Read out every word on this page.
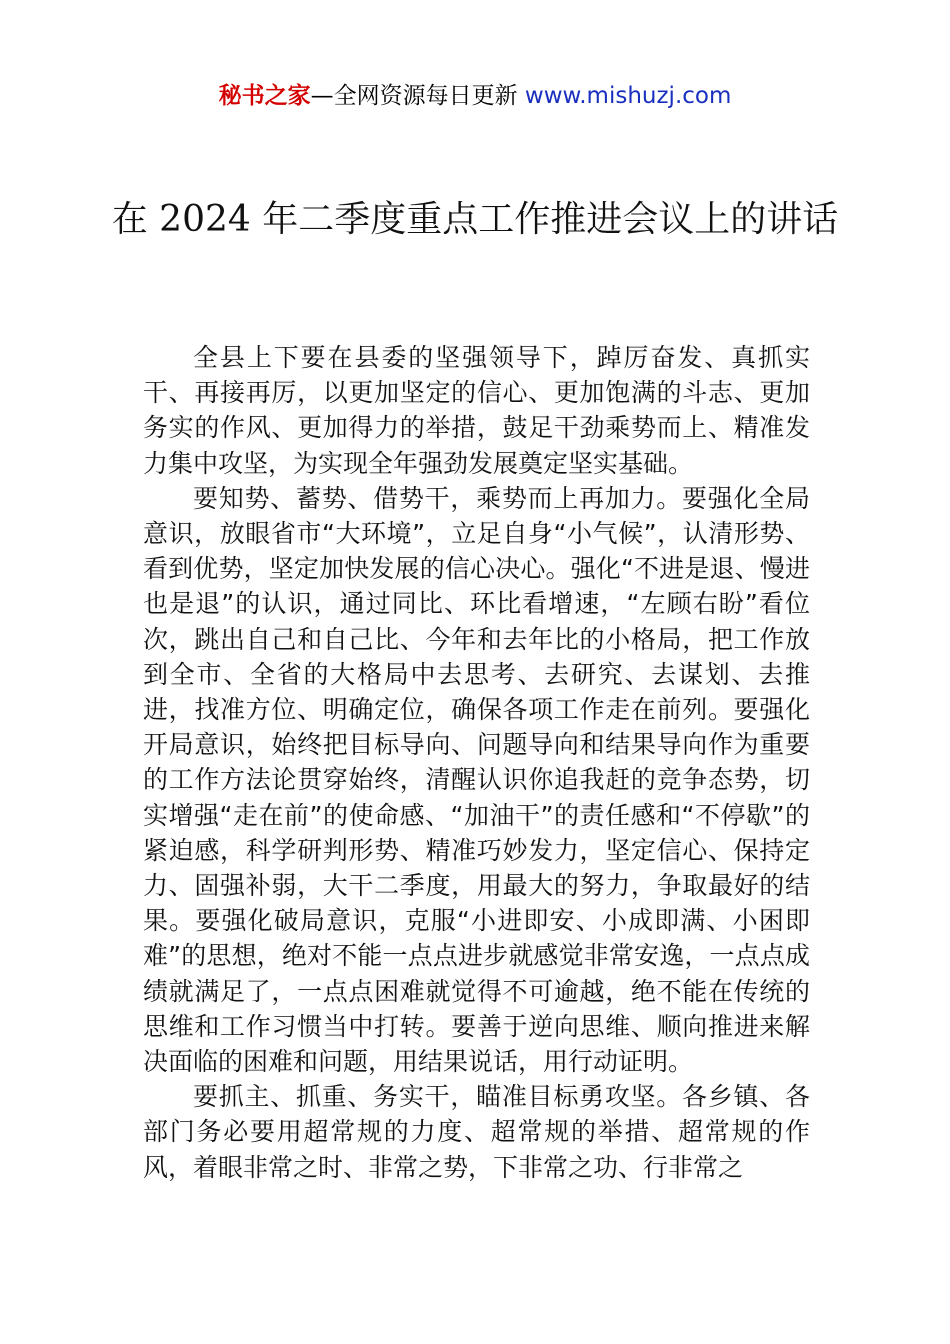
秘书之家—全网资源每日更新 www.mishuzj.com
在 2024 年二季度重点工作推进会议上的讲话

全县上下要在县委的坚强领导下，踔厉奋发、真抓实干、再接再厉，以更加坚定的信心、更加饱满的斗志、更加务实的作风、更加得力的举措，鼓足干劲乘势而上、精准发力集中攻坚，为实现全年强劲发展奠定坚实基础。

要知势、蓄势、借势干，乘势而上再加力。要强化全局意识，放眼省市“大环境”，立足自身“小气候”，认清形势、看到优势，坚定加快发展的信心决心。强化“不进是退、慢进也是退”的认识，通过同比、环比看增速，“左顾右盼”看位次，跳出自己和自己比、今年和去年比的小格局，把工作放到全市、全省的大格局中去思考、去研究、去谋划、去推进，找准方位、明确定位，确保各项工作走在前列。要强化开局意识，始终把目标导向、问题导向和结果导向作为重要的工作方法论贯穿始终，清醒认识你追我赶的竞争态势，切实增强“走在前”的使命感、“加油干”的责任感和“不停歇”的紧迫感，科学研判形势、精准巧妙发力，坚定信心、保持定力、固强补弱，大干二季度，用最大的努力，争取最好的结果。要强化破局意识，克服“小进即安、小成即满、小困即难”的思想，绝对不能一点点进步就感觉非常安逸，一点点成绩就满足了，一点点困难就觉得不可逾越，绝不能在传统的思维和工作习惯当中打转。要善于逆向思维、顺向推进来解决面临的困难和问题，用结果说话，用行动证明。

要抓主、抓重、务实干，瞄准目标勇攻坚。各乡镇、各部门务必要用超常规的力度、超常规的举措、超常规的作风，着眼非常之时、非常之势，下非常之功、行非常之
